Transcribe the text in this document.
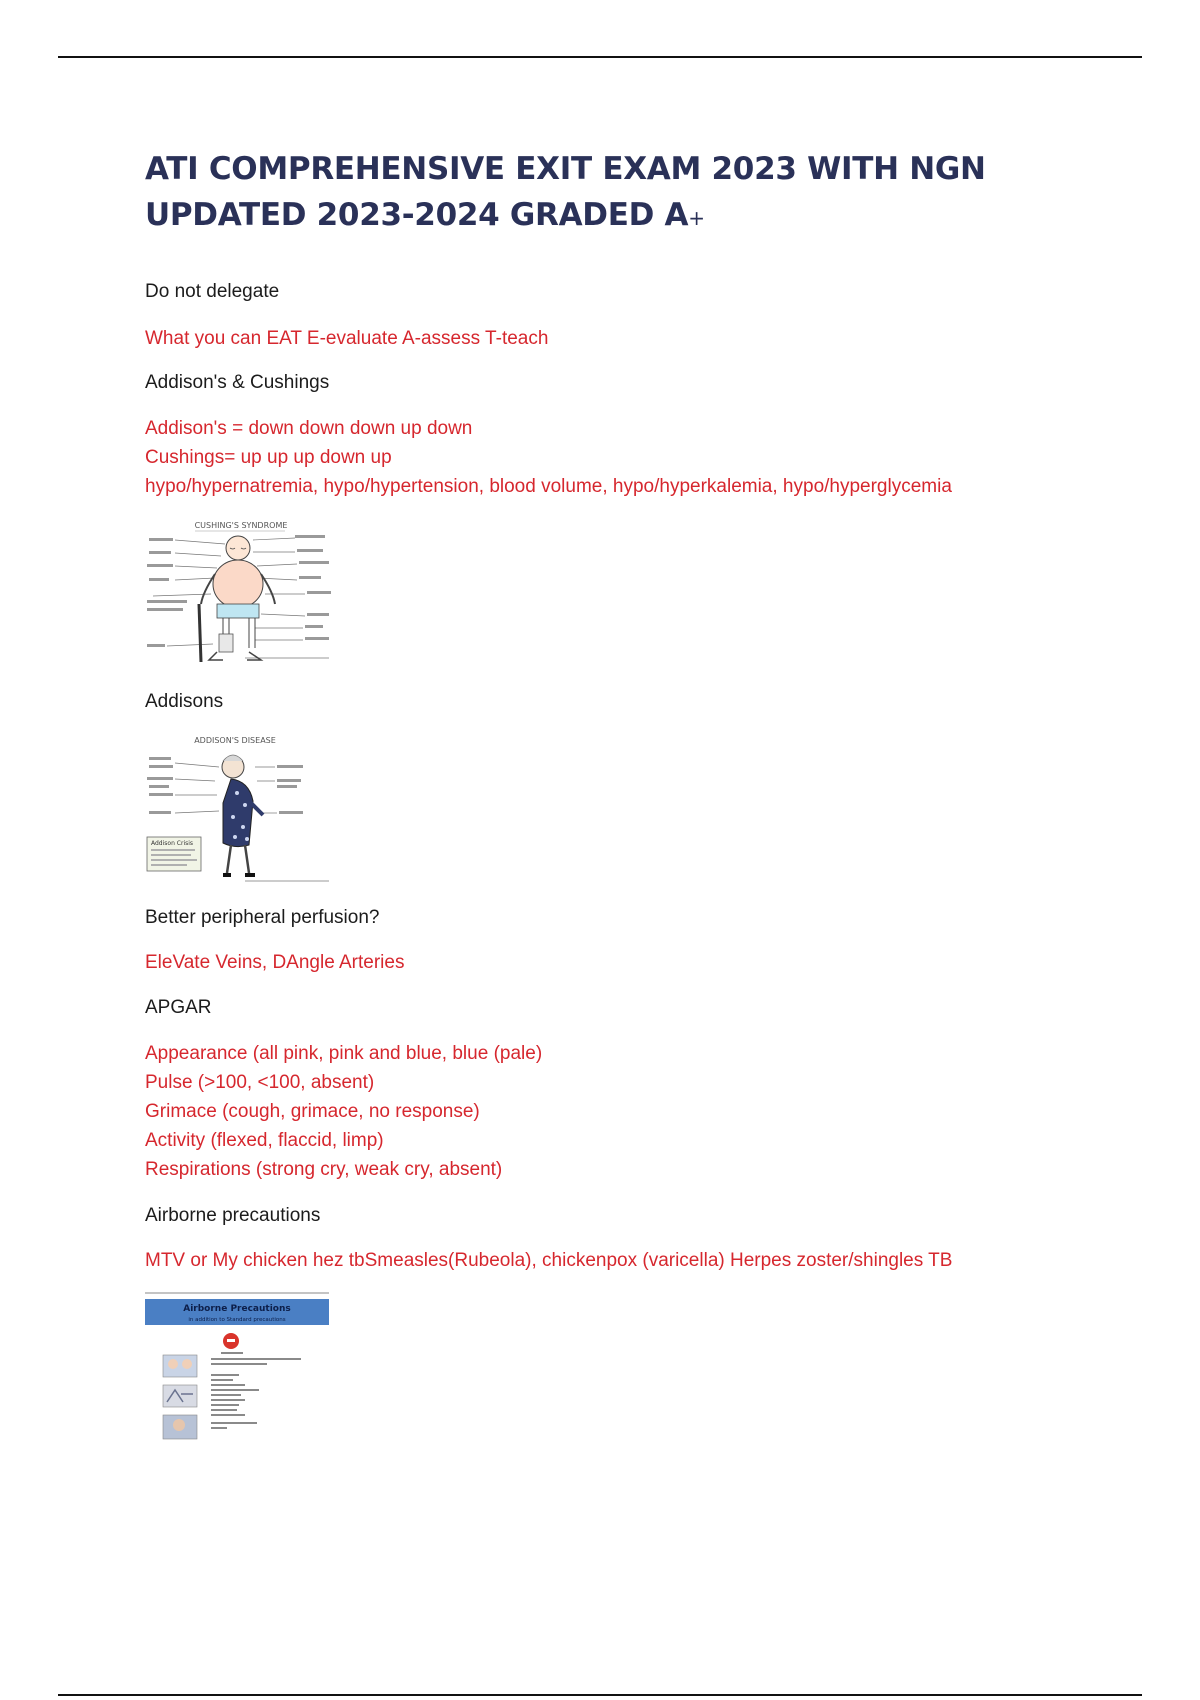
ATI COMPREHENSIVE EXIT EXAM 2023 WITH NGN
UPDATED 2023-2024 GRADED A+

Do not delegate

What you can EAT E-evaluate A-assess T-teach

Addison's & Cushings

Addison's = down down down up down

Cushings= up up up down up

hypo/hypernatremia, hypo/hypertension, blood volume, hypo/hyperkalemia, hypo/hyperglycemia

CUSHING'S SYNDROME

Addisons

ADDISON'S DISEASE
Addison Crisis

Better peripheral perfusion?

EleVate Veins, DAngle Arteries

APGAR

Appearance (all pink, pink and blue, blue (pale)

Pulse (>100, <100, absent)

Grimace (cough, grimace, no response)

Activity (flexed, flaccid, limp)

Respirations (strong cry, weak cry, absent)

Airborne precautions

MTV or My chicken hez tbSmeasles(Rubeola), chickenpox (varicella) Herpes zoster/shingles TB

Airborne Precautions
in addition to Standard precautions
